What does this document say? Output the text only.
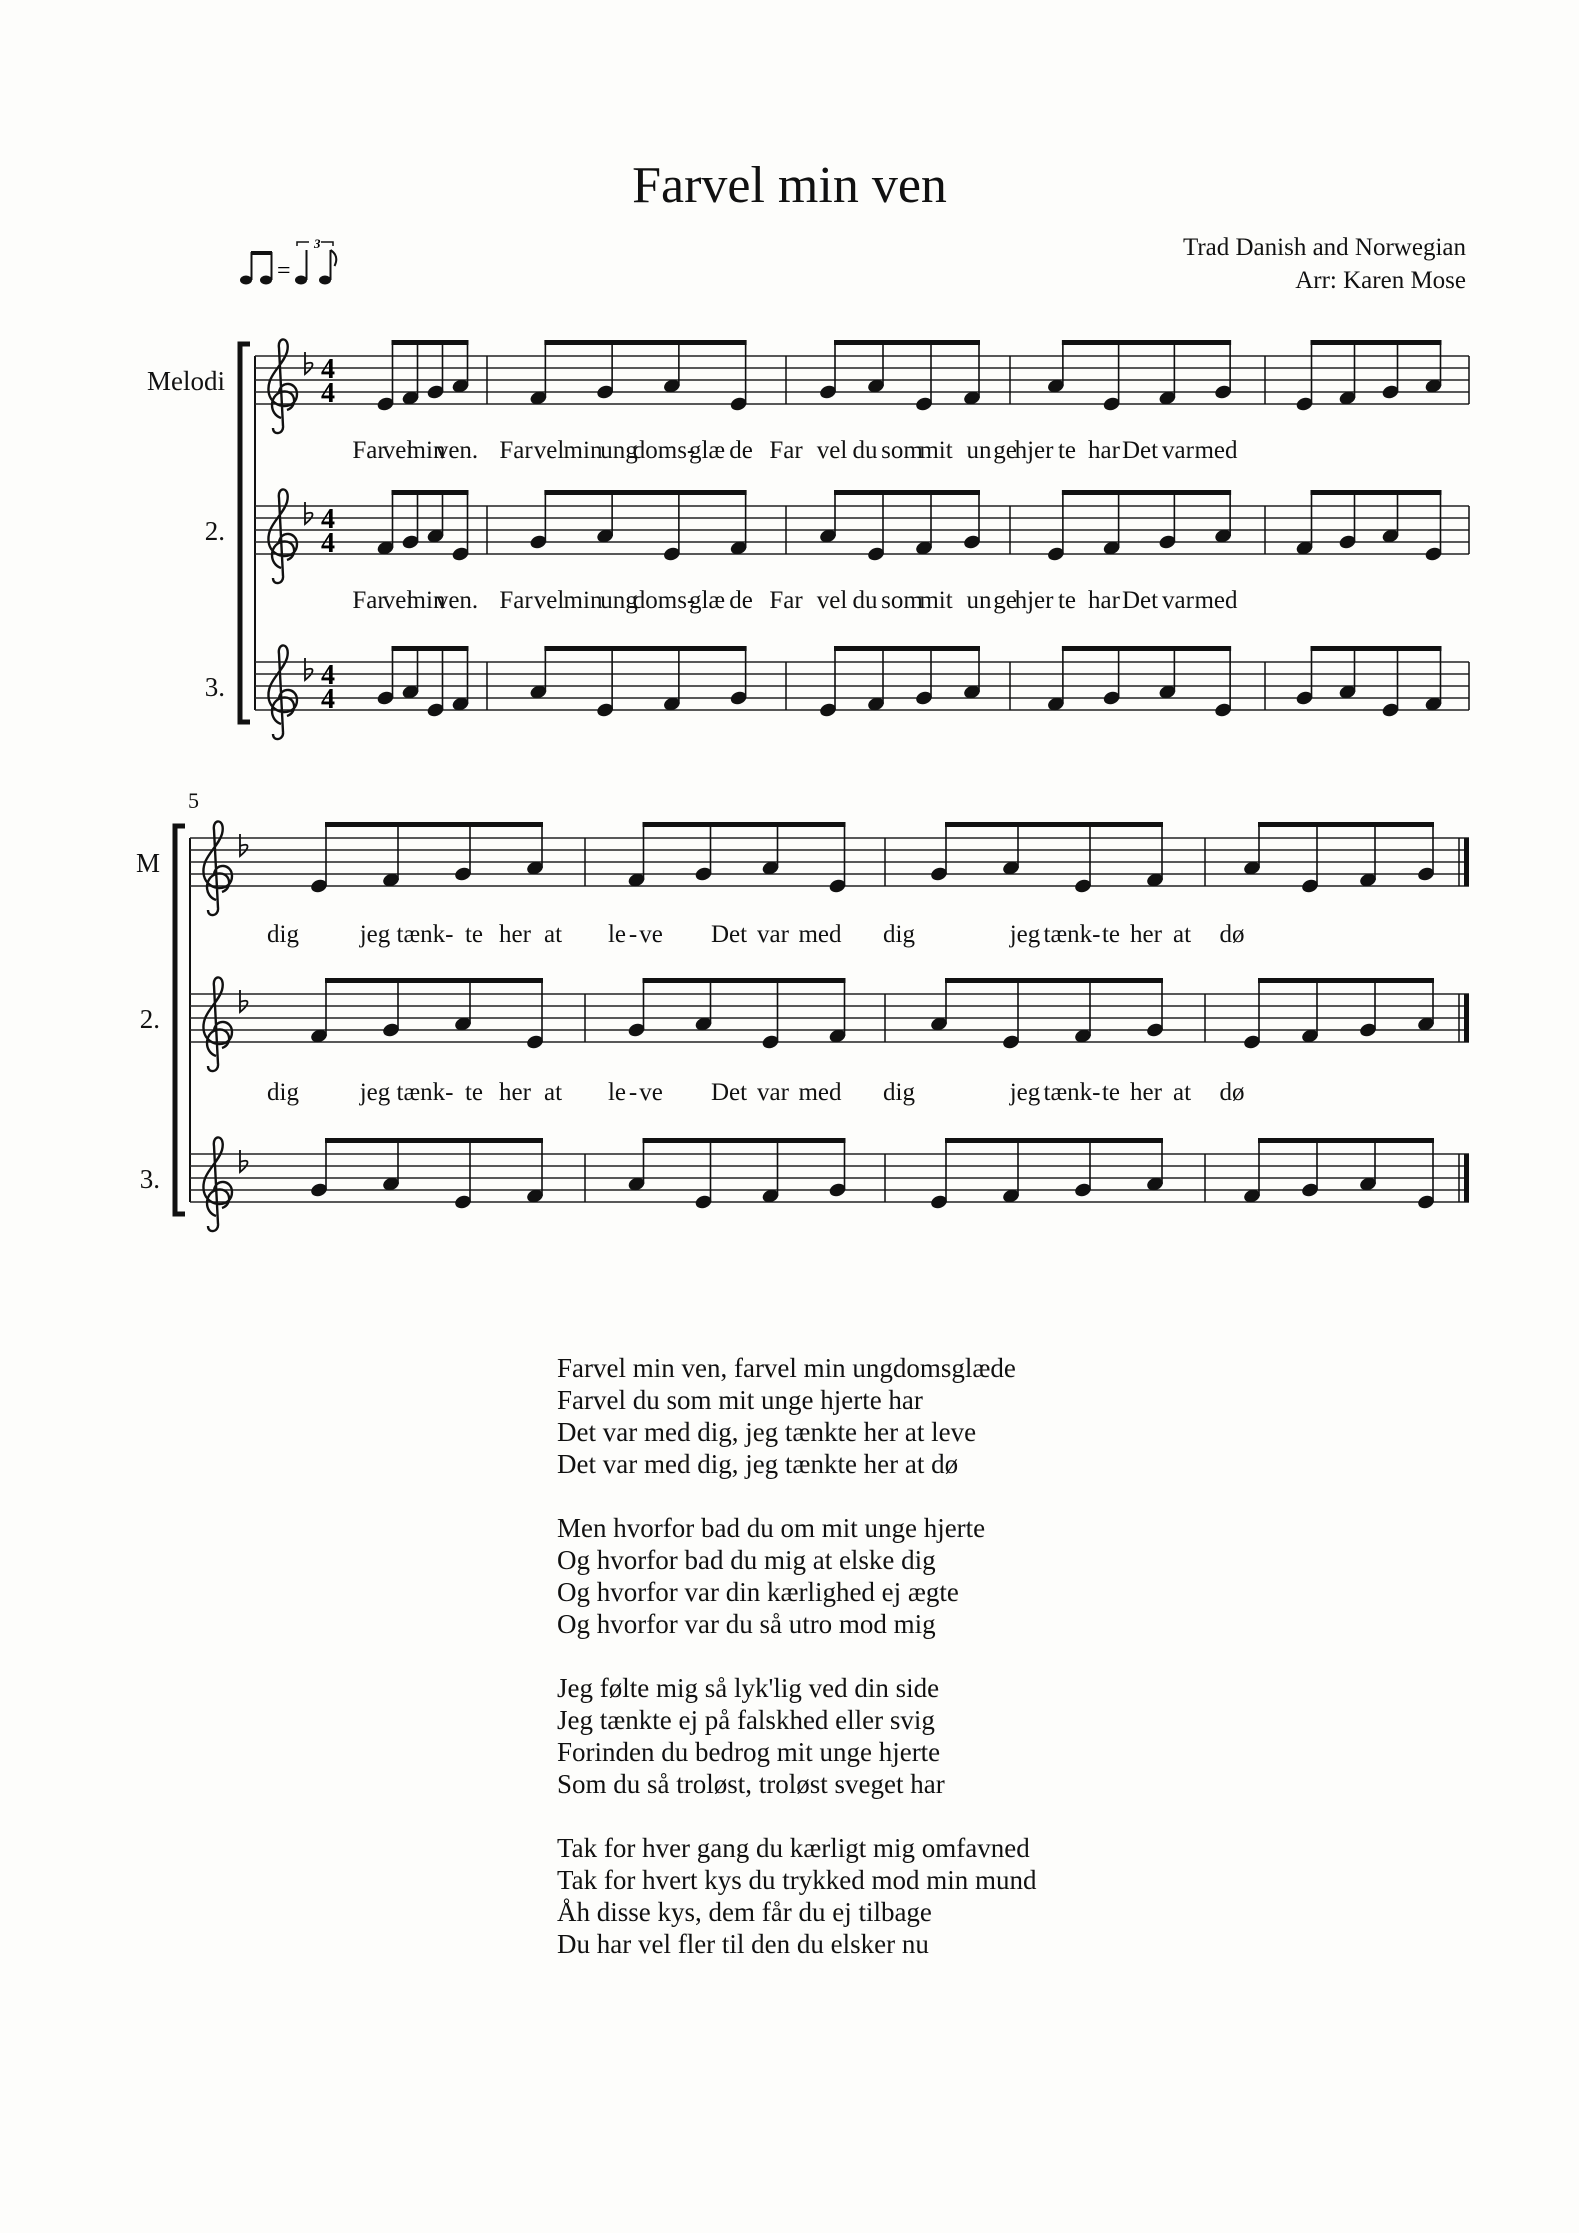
Farvel min ven
Trad Danish and Norwegian
Arr: Karen Mose
=
3
Melodi
2.
3.
M
2.
3.
5
4
4
4
4
4
4
Far
vel
min
ven. Far vel min
ung
doms-
glæ de Far vel du som
mit un ge
hjer te har Det var med
Far
vel
min
ven. Far vel min
ung
doms-
glæ de Far vel du som
mit un ge
hjer te har Det var med
dig jeg tænk- te her at le - ve Det var med dig	jeg tænk- te her at dø
dig jeg tænk- te her at le - ve Det var med dig	jeg tænk- te her at dø
Farvel min ven, farvel min ungdomsglæde
Farvel du som mit unge hjerte har
Det var med dig, jeg tænkte her at leve
Det var med dig, jeg tænkte her at dø
Men hvorfor bad du om mit unge hjerte
Og hvorfor bad du mig at elske dig
Og hvorfor var din kærlighed ej ægte
Og hvorfor var du så utro mod mig
Jeg følte mig så lyk'lig ved din side
Jeg tænkte ej på falskhed eller svig
Forinden du bedrog mit unge hjerte
Som du så troløst, troløst sveget har
Tak for hver gang du kærligt mig omfavned
Tak for hvert kys du trykked mod min mund
Åh disse kys, dem får du ej tilbage
Du har vel fler til den du elsker nu
